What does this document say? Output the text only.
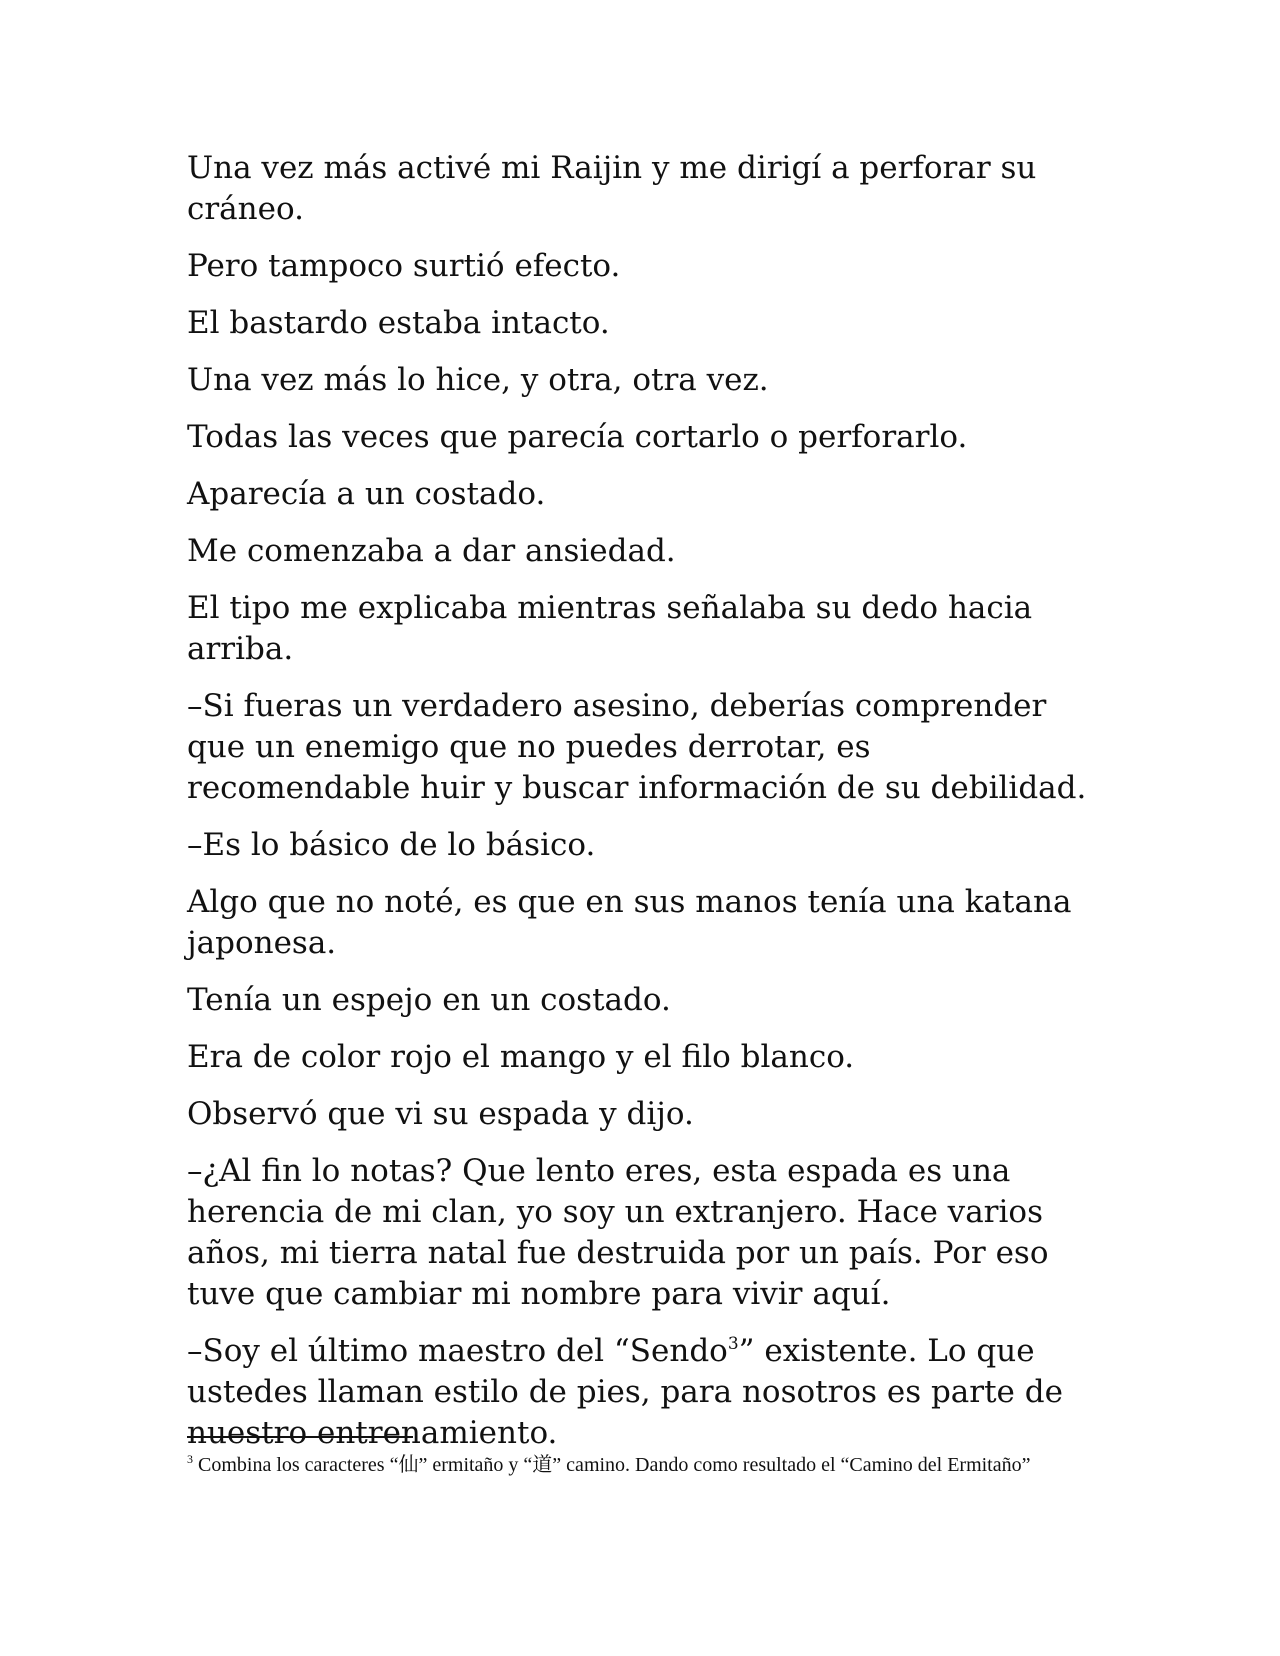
Una vez más activé mi Raijin y me dirigí a perforar su cráneo.

Pero tampoco surtió efecto.

El bastardo estaba intacto.

Una vez más lo hice, y otra, otra vez.

Todas las veces que parecía cortarlo o perforarlo.

Aparecía a un costado.

Me comenzaba a dar ansiedad.

El tipo me explicaba mientras señalaba su dedo hacia arriba.

–Si fueras un verdadero asesino, deberías comprender que un enemigo que no puedes derrotar, es recomendable huir y buscar información de su debilidad.

–Es lo básico de lo básico.

Algo que no noté, es que en sus manos tenía una katana japonesa.

Tenía un espejo en un costado.

Era de color rojo el mango y el filo blanco.

Observó que vi su espada y dijo.

–¿Al fin lo notas? Que lento eres, esta espada es una herencia de mi clan, yo soy un extranjero. Hace varios años, mi tierra natal fue destruida por un país. Por eso tuve que cambiar mi nombre para vivir aquí.

–Soy el último maestro del “Sendo$^3$” existente. Lo que ustedes llaman estilo de pies, para nosotros es parte de nuestro entrenamiento.

$^3$ Combina los caracteres “仙” ermitaño y “道” camino. Dando como resultado el “Camino del Ermitaño”
